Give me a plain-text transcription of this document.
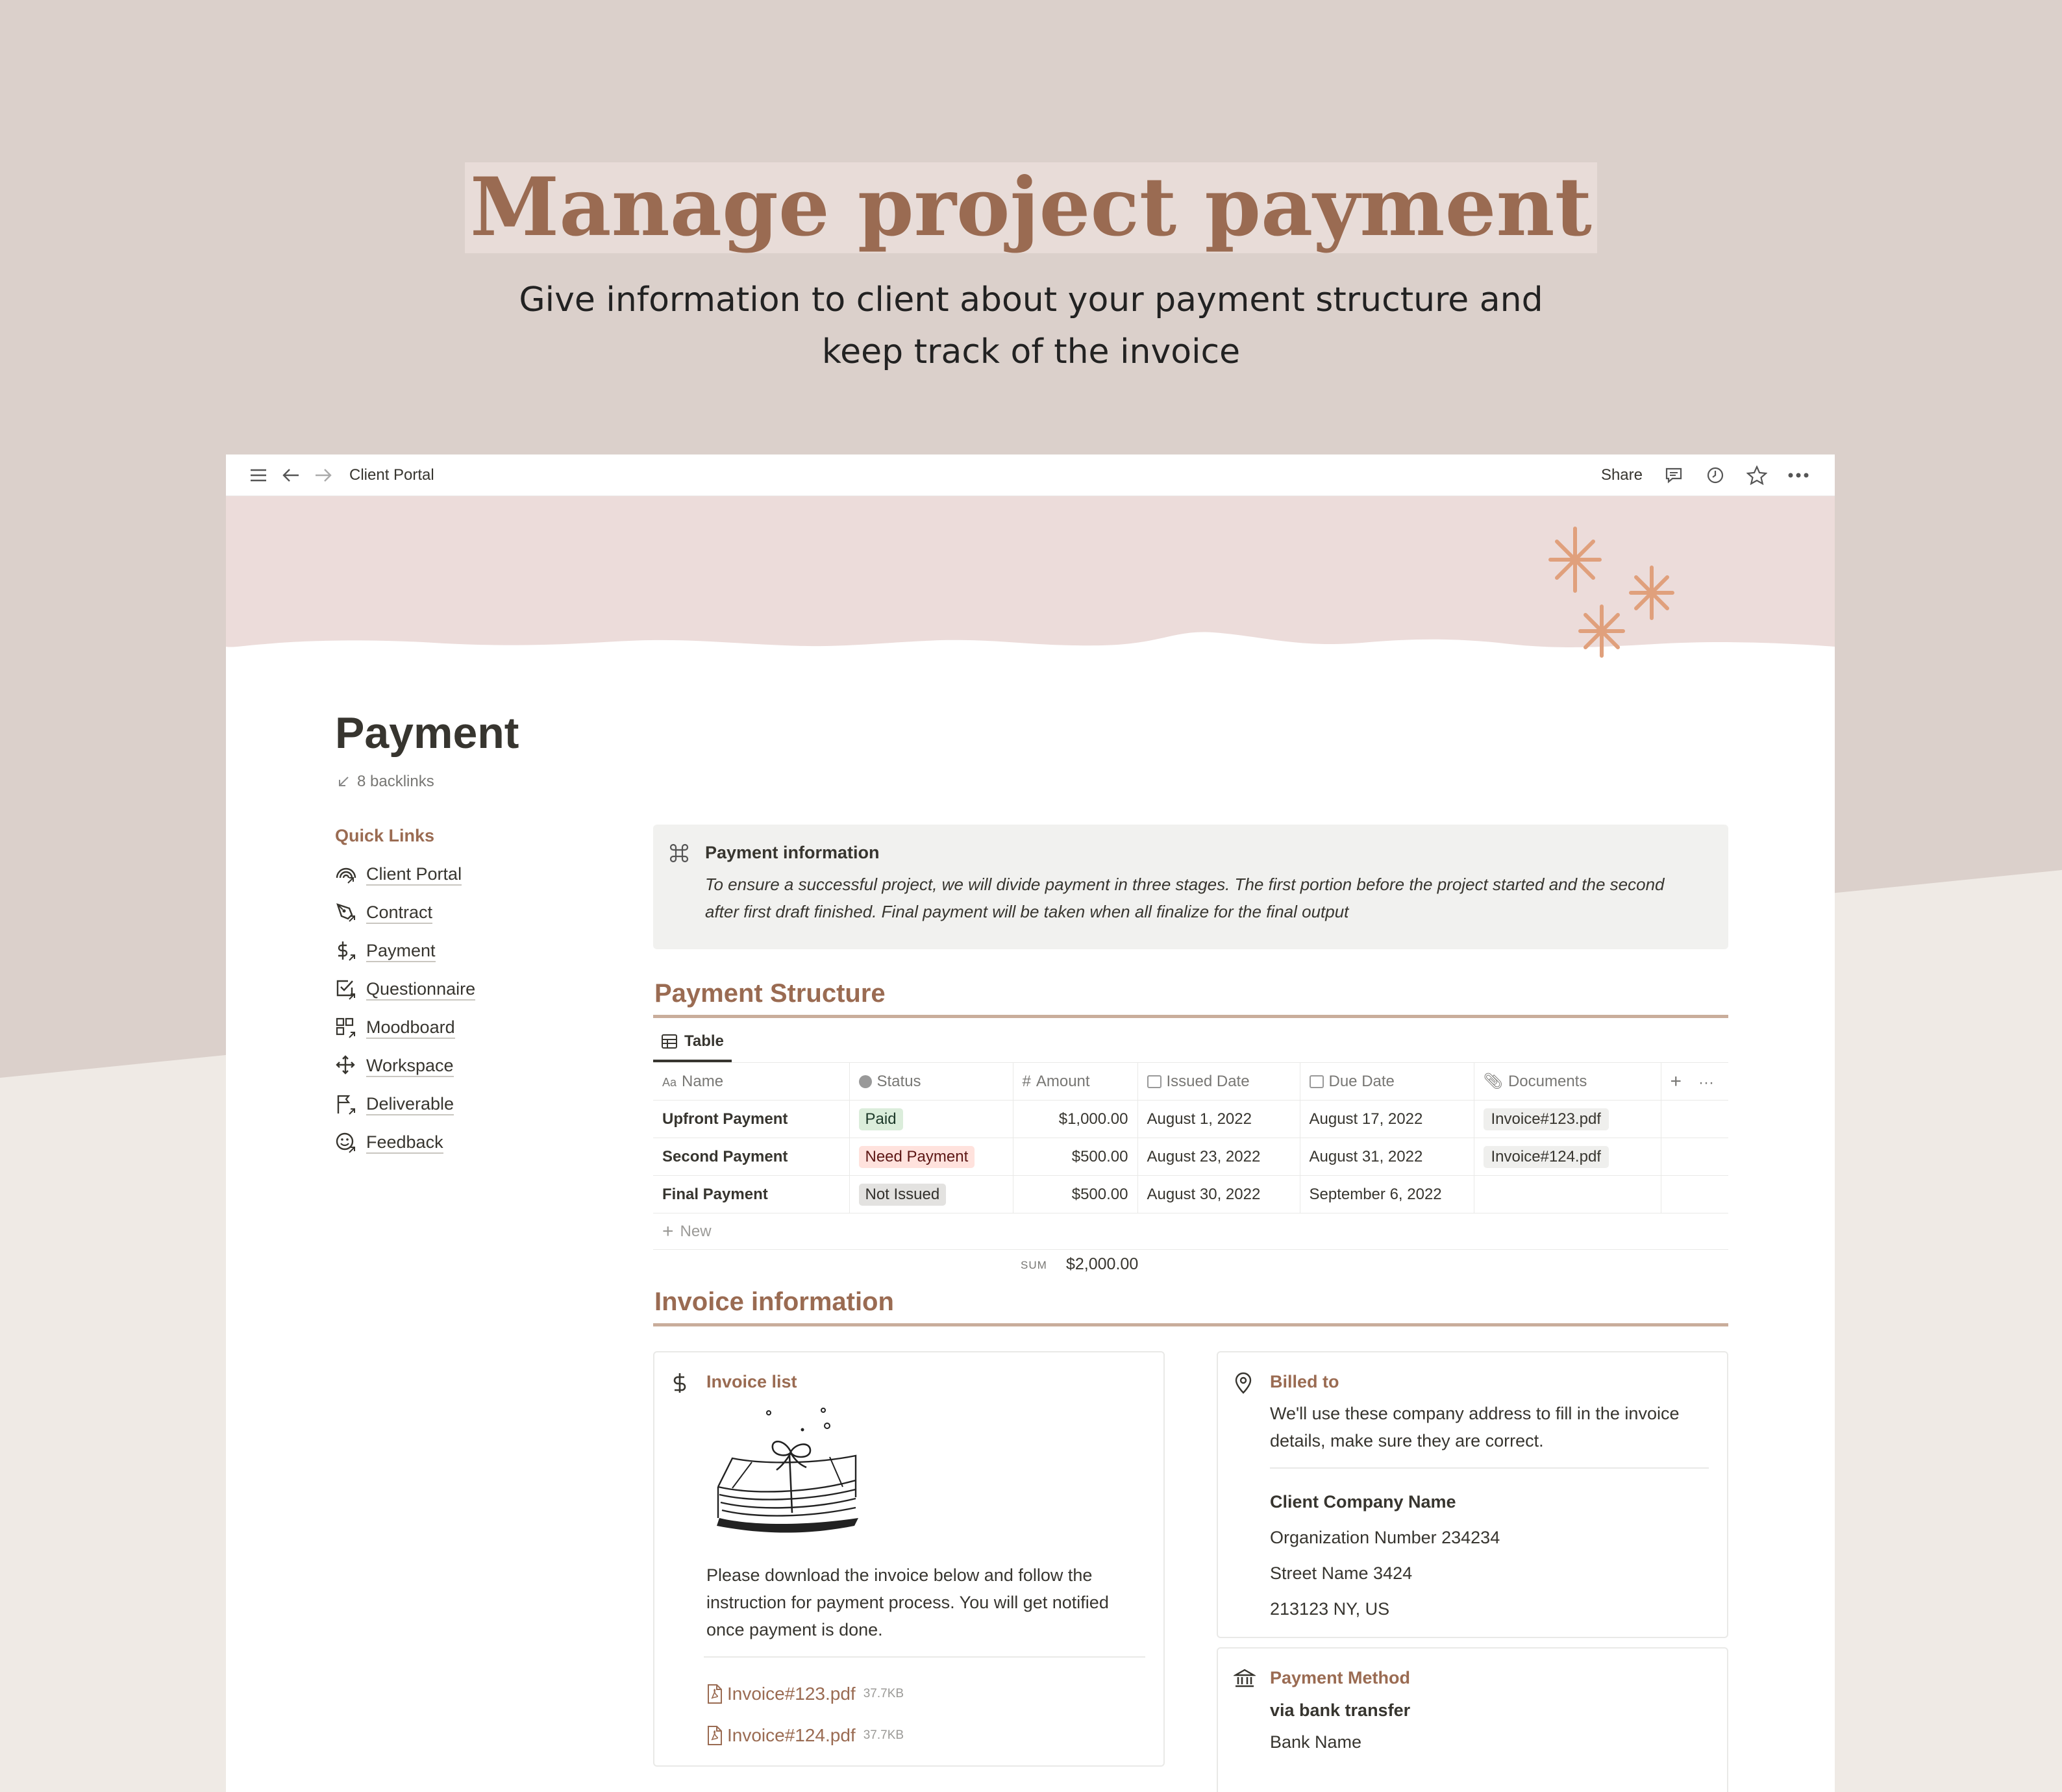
Manage project payment
Give information to client about your payment structure and
keep track of the invoice
Client Portal	Share
Payment
8 backlinks
Quick Links
Client Portal
Contract
Payment
Questionnaire
Moodboard
Workspace
Deliverable
Feedback
Payment information
To ensure a successful project, we will divide payment in three stages. The first portion before the project started and the second after first draft finished. Final payment will be taken when all finalize for the final output
Payment Structure
Table
Aa Name	Status	# Amount	Issued Date	Due Date	📎︎ Documents	+ ···
Upfront Payment	Paid	$1,000.00	August 1, 2022	August 17, 2022	Invoice#123.pdf	
Second Payment	Need Payment	$500.00	August 23, 2022	August 31, 2022	Invoice#124.pdf	
Final Payment	Not Issued	$500.00	August 30, 2022	September 6, 2022		
+ New
SUM $2,000.00
Invoice information
Invoice list

Please download the invoice below and follow the instruction for payment process. You will get notified once payment is done.

Invoice#123.pdf 37.7KB
Invoice#124.pdf 37.7KB
Billed to

We'll use these company address to fill in the invoice details, make sure they are correct.

Client Company Name
Organization Number 234234
Street Name 3424
213123 NY, US
Payment Method
via bank transfer
Bank Name
